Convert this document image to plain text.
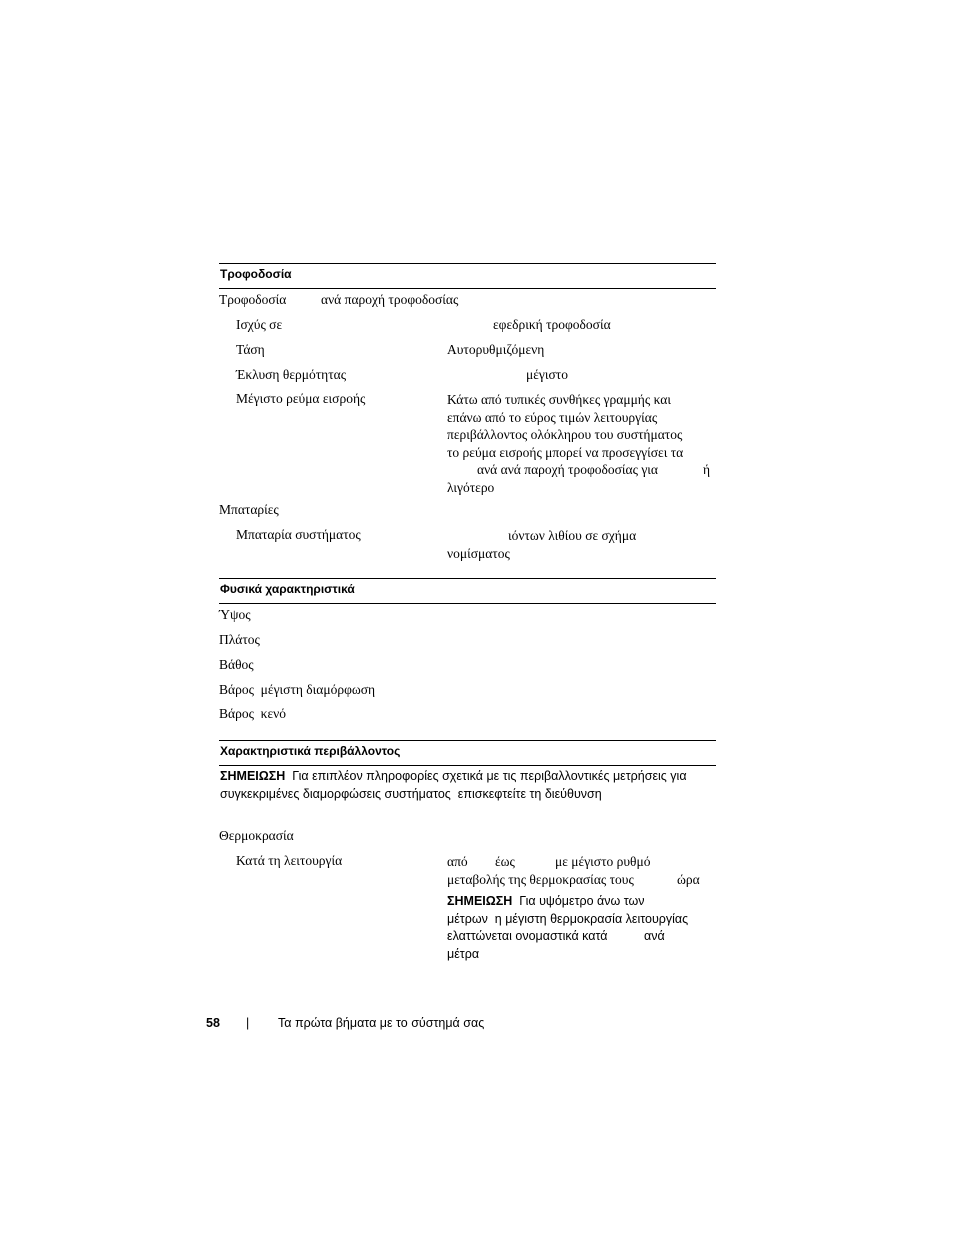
Τροφοδοσία
Τροφοδοσία	ανά παροχή τροφοδοσίας
Ισχύς σε	εφεδρική τροφοδοσία
Τάση	Αυτορυθμιζόμενη
Έκλυση θερμότητας	μέγιστο
Μέγιστο ρεύμα εισροής	Κάτω από τυπικές συνθήκες γραμμής και
επάνω από το εύρος τιμών λειτουργίας
περιβάλλοντος ολόκληρου του συστήματος
το ρεύμα εισροής μπορεί να προσεγγίσει τα
ανά ανά παροχή τροφοδοσίας για	ή
λιγότερο
Μπαταρίες
Μπαταρία συστήματος	ιόντων λιθίου σε σχήμα
νομίσματος
Φυσικά χαρακτηριστικά
Ύψος
Πλάτος
Βάθος
Βάρος  μέγιστη διαμόρφωση
Βάρος  κενό
Χαρακτηριστικά περιβάλλοντος
ΣΗΜΕΙΩΣΗ Για επιπλέον πληροφορίες σχετικά με τις περιβαλλοντικές μετρήσεις για
συγκεκριμένες διαμορφώσεις συστήματος  επισκεφτείτε τη διεύθυνση
Θερμοκρασία
Κατά τη λειτουργία	από έως	με μέγιστο ρυθμό
μεταβολής της θερμοκρασίας τους	ώρα
ΣΗΜΕΙΩΣΗ Για υψόμετρο άνω των
μέτρων  η μέγιστη θερμοκρασία λειτουργίας
ελαττώνεται ονομαστικά κατά	ανά
μέτρα
58 | Τα πρώτα βήματα με το σύστημά σας
